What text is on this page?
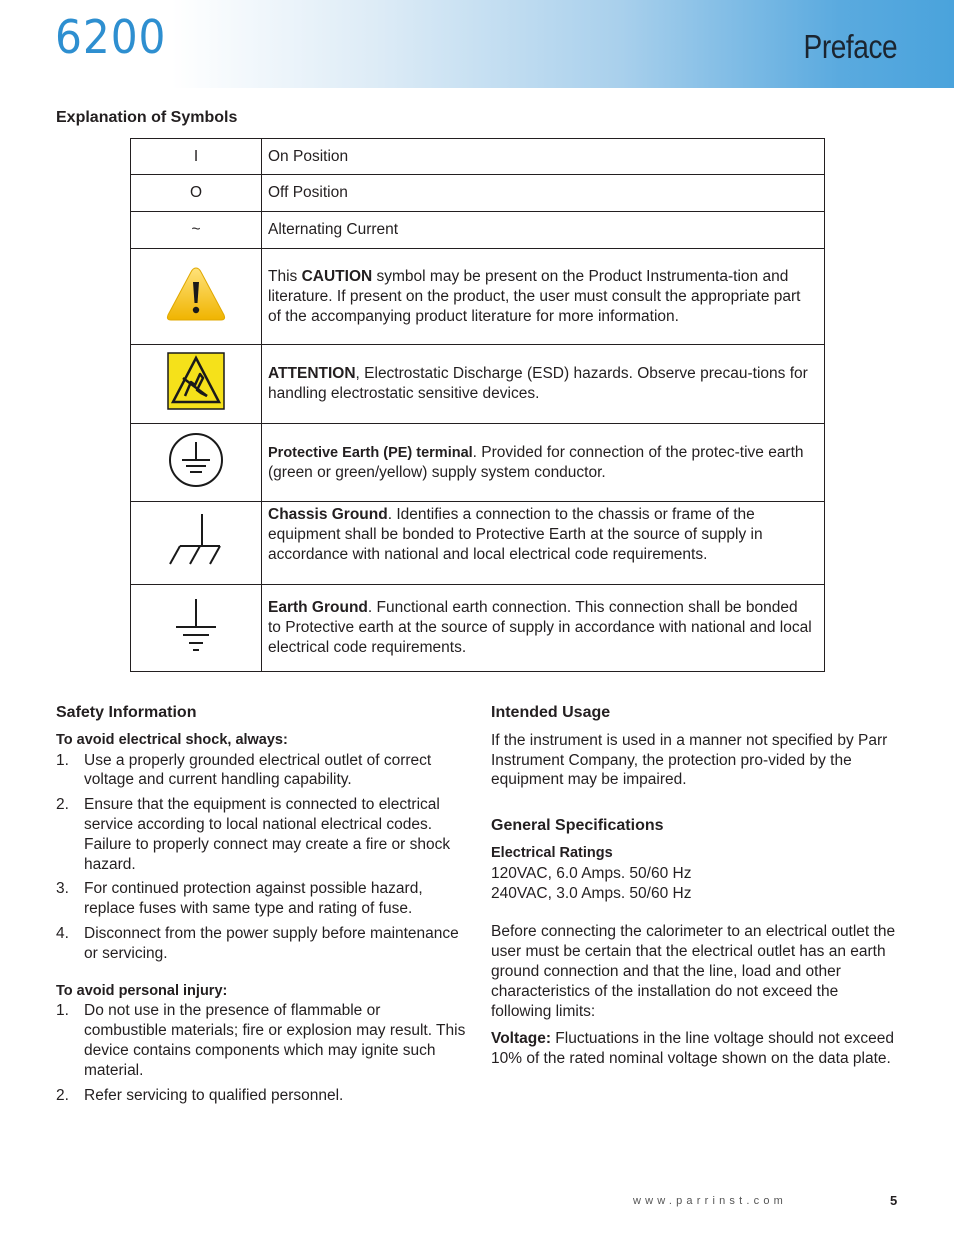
6200	Preface
Explanation of Symbols
I	On Position
O	Off Position
~	Alternating Current
	This CAUTION symbol may be present on the Product Instrumenta-tion and literature. If present on the product, the user must consult the appropriate part of the accompanying product literature for more information.
	ATTENTION, Electrostatic Discharge (ESD) hazards. Observe precau-tions for handling electrostatic sensitive devices.
	Protective Earth (PE) terminal. Provided for connection of the protec-tive earth (green or green/yellow) supply system conductor.
	Chassis Ground. Identifies a connection to the chassis or frame of the equipment shall be bonded to Protective Earth at the source of supply in accordance with national and local electrical code requirements.
	Earth Ground. Functional earth connection. This connection shall be bonded to Protective earth at the source of supply in accordance with national and local electrical code requirements.
Safety Information
To avoid electrical shock, always:
1. Use a properly grounded electrical outlet of correct voltage and current handling capability.
2. Ensure that the equipment is connected to electrical service according to local national electrical codes. Failure to properly connect may create a fire or shock hazard.
3. For continued protection against possible hazard, replace fuses with same type and rating of fuse.
4. Disconnect from the power supply before maintenance or servicing.
To avoid personal injury:
1. Do not use in the presence of flammable or combustible materials; fire or explosion may result. This device contains components which may ignite such material.
2. Refer servicing to qualified personnel.
Intended Usage

If the instrument is used in a manner not specified by Parr Instrument Company, the protection pro-vided by the equipment may be impaired.

General Specifications
Electrical Ratings
120VAC, 6.0 Amps. 50/60 Hz
240VAC, 3.0 Amps. 50/60 Hz

Before connecting the calorimeter to an electrical outlet the user must be certain that the electrical outlet has an earth ground connection and that the line, load and other characteristics of the installation do not exceed the following limits:

Voltage: Fluctuations in the line voltage should not exceed 10% of the rated nominal voltage shown on the data plate.

www.parrinst.com	5
